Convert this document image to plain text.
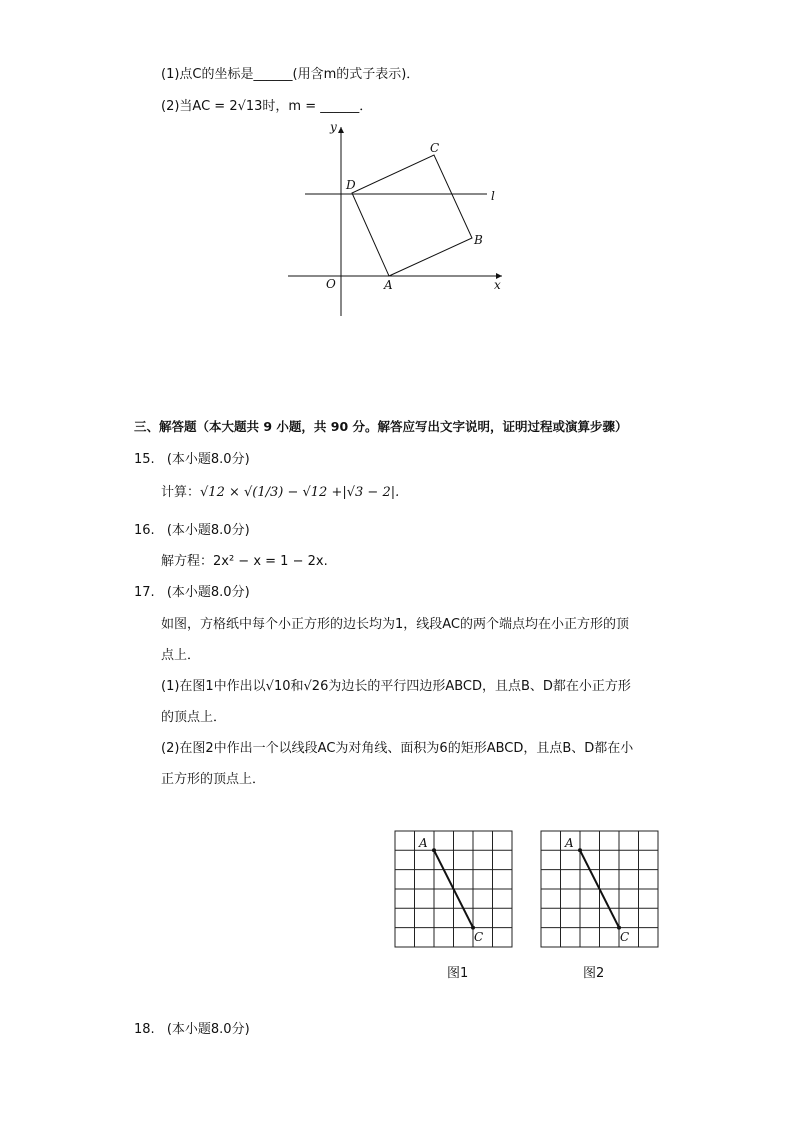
(1)点C的坐标是______(用含m的式子表示)．
(2)当AC = 2√13时，m = ______．
y
C
D
l
B
O	A	x
三、解答题（本大题共 9 小题，共 90 分。解答应写出文字说明，证明过程或演算步骤）
15. (本小题8.0分)
计算：√12 × √(1/3) − √12 +|√3 − 2|.
16. (本小题8.0分)
解方程：2x² − x = 1 − 2x.
17. (本小题8.0分)
如图，方格纸中每个小正方形的边长均为1，线段AC的两个端点均在小正方形的顶
点上．
(1)在图1中作出以√10和√26为边长的平行四边形ABCD，且点B、D都在小正方形
的顶点上．
(2)在图2中作出一个以线段AC为对角线、面积为6的矩形ABCD，且点B、D都在小
正方形的顶点上．
A
C
图1
A
C
图2
18. (本小题8.0分)
